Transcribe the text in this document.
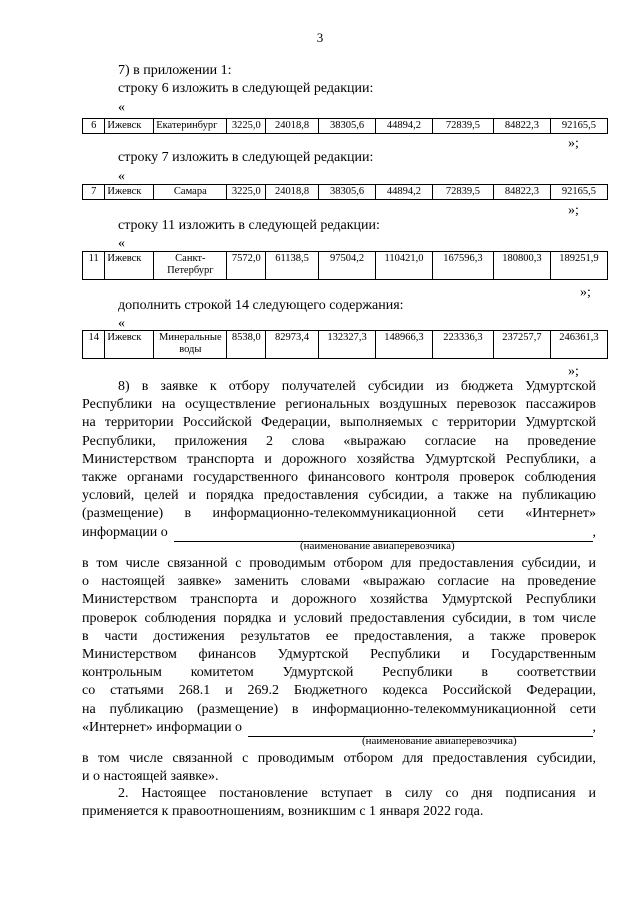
3
7) в приложении 1:
строку 6 изложить в следующей редакции:
«
6	Ижевск	Екатеринбург	3225,0	24018,8	38305,6	44894,2	72839,5	84822,3	92165,5
»;
строку 7 изложить в следующей редакции:
«
7	Ижевск	Самара	3225,0	24018,8	38305,6	44894,2	72839,5	84822,3	92165,5
»;
строку 11 изложить в следующей редакции:
«
11	Ижевск	Санкт-Петербург	7572,0	61138,5	97504,2	110421,0	167596,3	180800,3	189251,9
»;
дополнить строкой 14 следующего содержания:
«
14	Ижевск	Минеральные воды	8538,0	82973,4	132327,3	148966,3	223336,3	237257,7	246361,3
»;
8) в заявке к отбору получателей субсидии из бюджета Удмуртской
Республики на осуществление региональных воздушных перевозок пассажиров
на территории Российской Федерации, выполняемых с территории Удмуртской
Республики, приложения 2 слова «выражаю согласие на проведение
Министерством транспорта и дорожного хозяйства Удмуртской Республики, а
также органами государственного финансового контроля проверок соблюдения
условий, целей и порядка предоставления субсидии, а также на публикацию
(размещение) в информационно-телекоммуникационной сети «Интернет»
информации о	,
(наименование авиаперевозчика)
в том числе связанной с проводимым отбором для предоставления субсидии, и
о настоящей заявке» заменить словами «выражаю согласие на проведение
Министерством транспорта и дорожного хозяйства Удмуртской Республики
проверок соблюдения порядка и условий предоставления субсидии, в том числе
в части достижения результатов ее предоставления, а также проверок
Министерством финансов Удмуртской Республики и Государственным
контрольным комитетом Удмуртской Республики в соответствии
со статьями 268.1 и 269.2 Бюджетного кодекса Российской Федерации,
на публикацию (размещение) в информационно-телекоммуникационной сети
«Интернет» информации о	,
(наименование авиаперевозчика)
в том числе связанной с проводимым отбором для предоставления субсидии,
и о настоящей заявке».
2. Настоящее постановление вступает в силу со дня подписания и
применяется к правоотношениям, возникшим с 1 января 2022 года.
